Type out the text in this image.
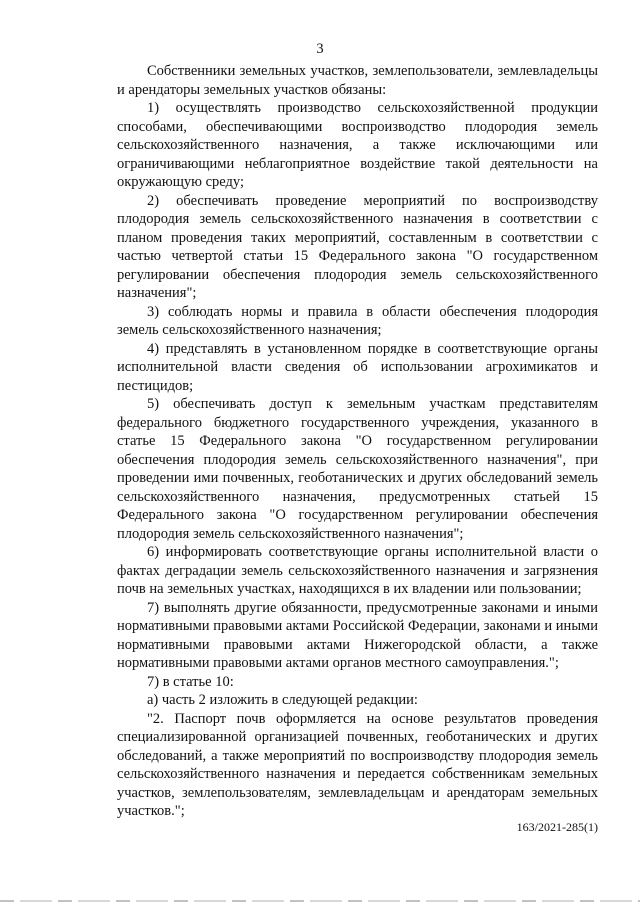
3

Собственники земельных участков, землепользователи, землевладельцы и арендаторы земельных участков обязаны:

1) осуществлять производство сельскохозяйственной продукции способами, обеспечивающими воспроизводство плодородия земель сельскохозяйственного назначения, а также исключающими или ограничивающими неблагоприятное воздействие такой деятельности на окружающую среду;

2) обеспечивать проведение мероприятий по воспроизводству плодородия земель сельскохозяйственного назначения в соответствии с планом проведения таких мероприятий, составленным в соответствии с частью четвертой статьи 15 Федерального закона "О государственном регулировании обеспечения плодородия земель сельскохозяйственного назначения";

3) соблюдать нормы и правила в области обеспечения плодородия земель сельскохозяйственного назначения;

4) представлять в установленном порядке в соответствующие органы исполнительной власти сведения об использовании агрохимикатов и пестицидов;

5) обеспечивать доступ к земельным участкам представителям федерального бюджетного государственного учреждения, указанного в статье 15 Федерального закона "О государственном регулировании обеспечения плодородия земель сельскохозяйственного назначения", при проведении ими почвенных, геоботанических и других обследований земель сельскохозяйственного назначения, предусмотренных статьей 15 Федерального закона "О государственном регулировании обеспечения плодородия земель сельскохозяйственного назначения";

6) информировать соответствующие органы исполнительной власти о фактах деградации земель сельскохозяйственного назначения и загрязнения почв на земельных участках, находящихся в их владении или пользовании;

7) выполнять другие обязанности, предусмотренные законами и иными нормативными правовыми актами Российской Федерации, законами и иными нормативными правовыми актами Нижегородской области, а также нормативными правовыми актами органов местного самоуправления.";

7) в статье 10:

а) часть 2 изложить в следующей редакции:

"2. Паспорт почв оформляется на основе результатов проведения специализированной организацией почвенных, геоботанических и других обследований, а также мероприятий по воспроизводству плодородия земель сельскохозяйственного назначения и передается собственникам земельных участков, землепользователям, землевладельцам и арендаторам земельных участков.";

163/2021-285(1)
